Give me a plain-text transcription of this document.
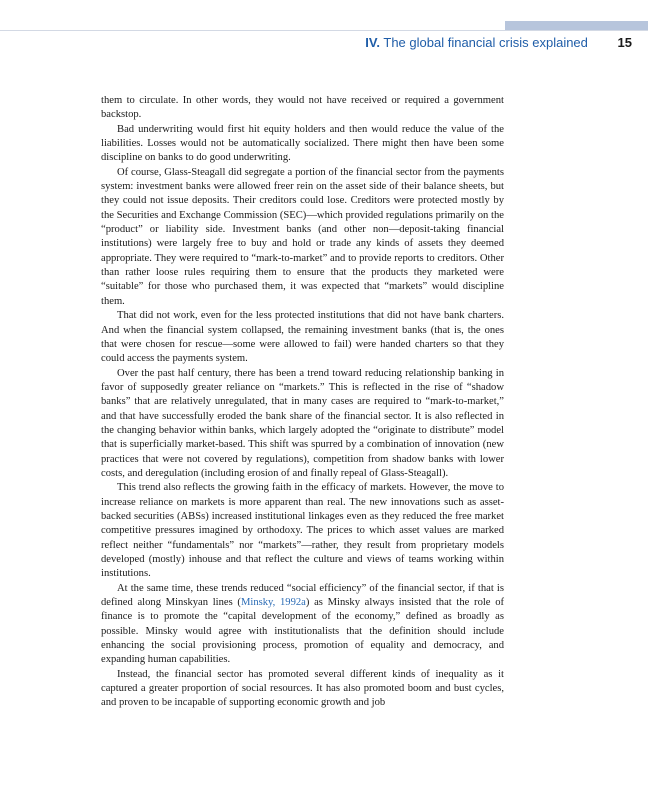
IV. The global financial crisis explained 15

them to circulate. In other words, they would not have received or required a government backstop.

Bad underwriting would first hit equity holders and then would reduce the value of the liabilities. Losses would not be automatically socialized. There might then have been some discipline on banks to do good underwriting.

Of course, Glass-Steagall did segregate a portion of the financial sector from the payments system: investment banks were allowed freer rein on the asset side of their balance sheets, but they could not issue deposits. Their creditors could lose. Creditors were protected mostly by the Securities and Exchange Commission (SEC)—which provided regulations primarily on the “product” or liability side. Investment banks (and other non—deposit-taking financial institutions) were largely free to buy and hold or trade any kinds of assets they deemed appropriate. They were required to “mark-to-market” and to provide reports to creditors. Other than rather loose rules requiring them to ensure that the products they marketed were “suitable” for those who purchased them, it was expected that “markets” would discipline them.

That did not work, even for the less protected institutions that did not have bank charters. And when the financial system collapsed, the remaining investment banks (that is, the ones that were chosen for rescue—some were allowed to fail) were handed charters so that they could access the payments system.

Over the past half century, there has been a trend toward reducing relationship banking in favor of supposedly greater reliance on “markets.” This is reflected in the rise of “shadow banks” that are relatively unregulated, that in many cases are required to “mark-to-market,” and that have successfully eroded the bank share of the financial sector. It is also reflected in the changing behavior within banks, which largely adopted the “originate to distribute” model that is superficially market-based. This shift was spurred by a combination of innovation (new practices that were not covered by regulations), competition from shadow banks with lower costs, and deregulation (including erosion of and finally repeal of Glass-Steagall).

This trend also reflects the growing faith in the efficacy of markets. However, the move to increase reliance on markets is more apparent than real. The new innovations such as asset-backed securities (ABSs) increased institutional linkages even as they reduced the free market competitive pressures imagined by orthodoxy. The prices to which asset values are marked reflect neither “fundamentals” nor “markets”—rather, they result from proprietary models developed (mostly) inhouse and that reflect the culture and views of teams working within institutions.

At the same time, these trends reduced “social efficiency” of the financial sector, if that is defined along Minskyan lines (Minsky, 1992a) as Minsky always insisted that the role of finance is to promote the “capital development of the economy,” defined as broadly as possible. Minsky would agree with institutionalists that the definition should include enhancing the social provisioning process, promotion of equality and democracy, and expanding human capabilities.

Instead, the financial sector has promoted several different kinds of inequality as it captured a greater proportion of social resources. It has also promoted boom and bust cycles, and proven to be incapable of supporting economic growth and job
